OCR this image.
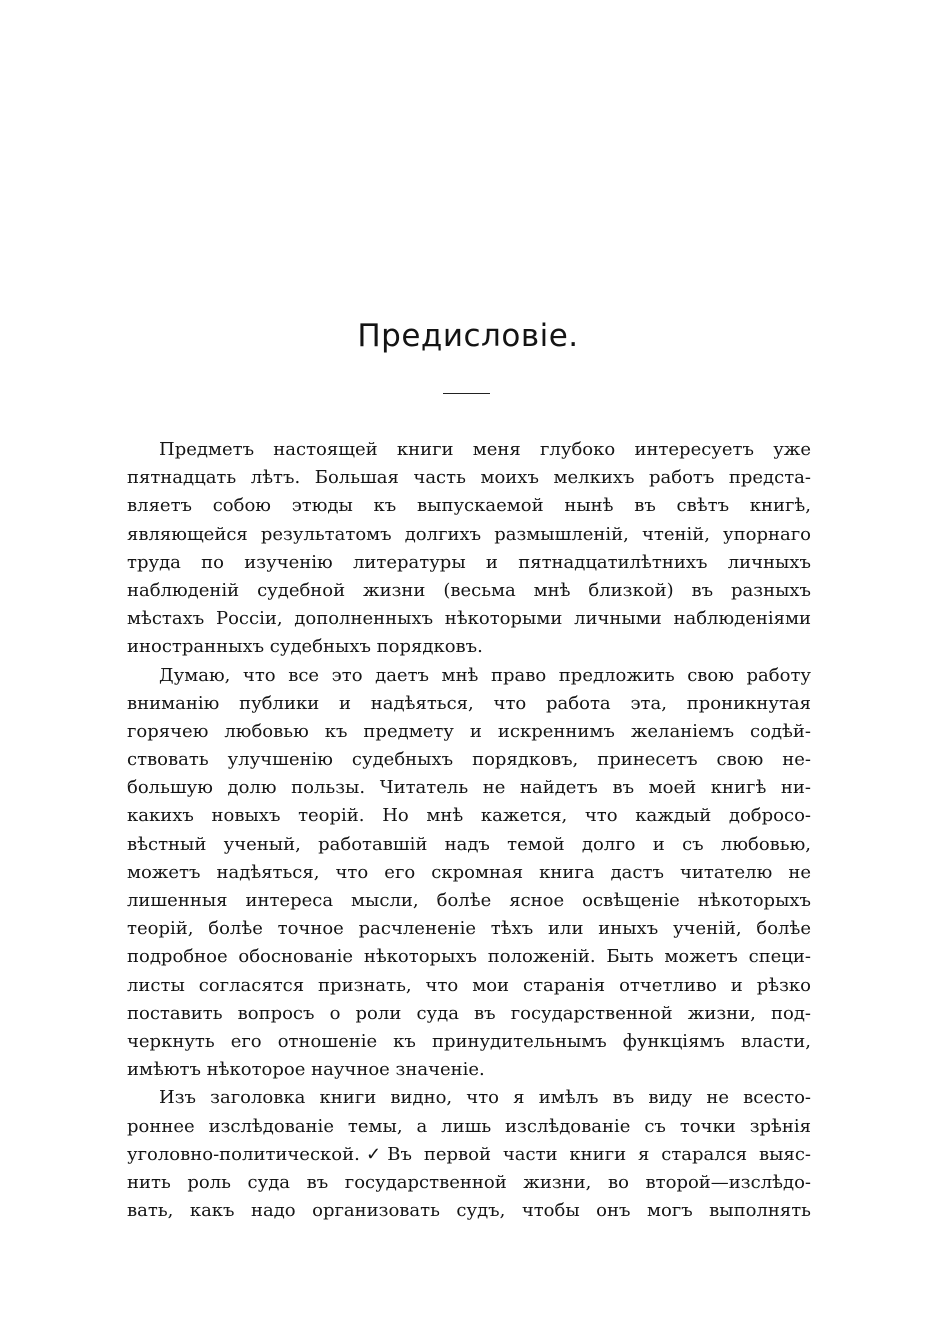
Предисловіе.
Предметъ настоящей книги меня глубоко интересуетъ уже
пятнадцать лѣтъ. Большая часть моихъ мелкихъ работъ предста-
вляетъ собою этюды къ выпускаемой нынѣ въ свѣтъ книгѣ,
являющейся результатомъ долгихъ размышленій, чтеній, упорнаго
труда по изученію литературы и пятнадцатилѣтнихъ личныхъ
наблюденій судебной жизни (весьма мнѣ близкой) въ разныхъ
мѣстахъ Россіи, дополненныхъ нѣкоторыми личными наблюденіями
иностранныхъ судебныхъ порядковъ.
Думаю, что все это даетъ мнѣ право предложить свою работу
вниманію публики и надѣяться, что работа эта, проникнутая
горячею любовью къ предмету и искреннимъ желаніемъ содѣй-
ствовать улучшенію судебныхъ порядковъ, принесетъ свою не-
большую долю пользы. Читатель не найдетъ въ моей книгѣ ни-
какихъ новыхъ теорій. Но мнѣ кажется, что каждый добросо-
вѣстный ученый, работавшій надъ темой долго и съ любовью,
можетъ надѣяться, что его скромная книга дастъ читателю не
лишенныя интереса мысли, болѣе ясное освѣщеніе нѣкоторыхъ
теорій, болѣе точное расчлененіе тѣхъ или иныхъ ученій, болѣе
подробное обоснованіе нѣкоторыхъ положеній. Быть можетъ специ-
листы согласятся признать, что мои старанія отчетливо и рѣзко
поставить вопросъ о роли суда въ государственной жизни, под-
черкнуть его отношеніе къ принудительнымъ функціямъ власти,
имѣютъ нѣкоторое научное значеніе.
Изъ заголовка книги видно, что я имѣлъ въ виду не всесто-
роннее изслѣдованіе темы, а лишь изслѣдованіе съ точки зрѣнія
уголовно-политической.✓Въ первой части книги я старался выяс-
нить роль суда въ государственной жизни, во второй—изслѣдо-
вать, какъ надо организовать судъ, чтобы онъ могъ выполнять
